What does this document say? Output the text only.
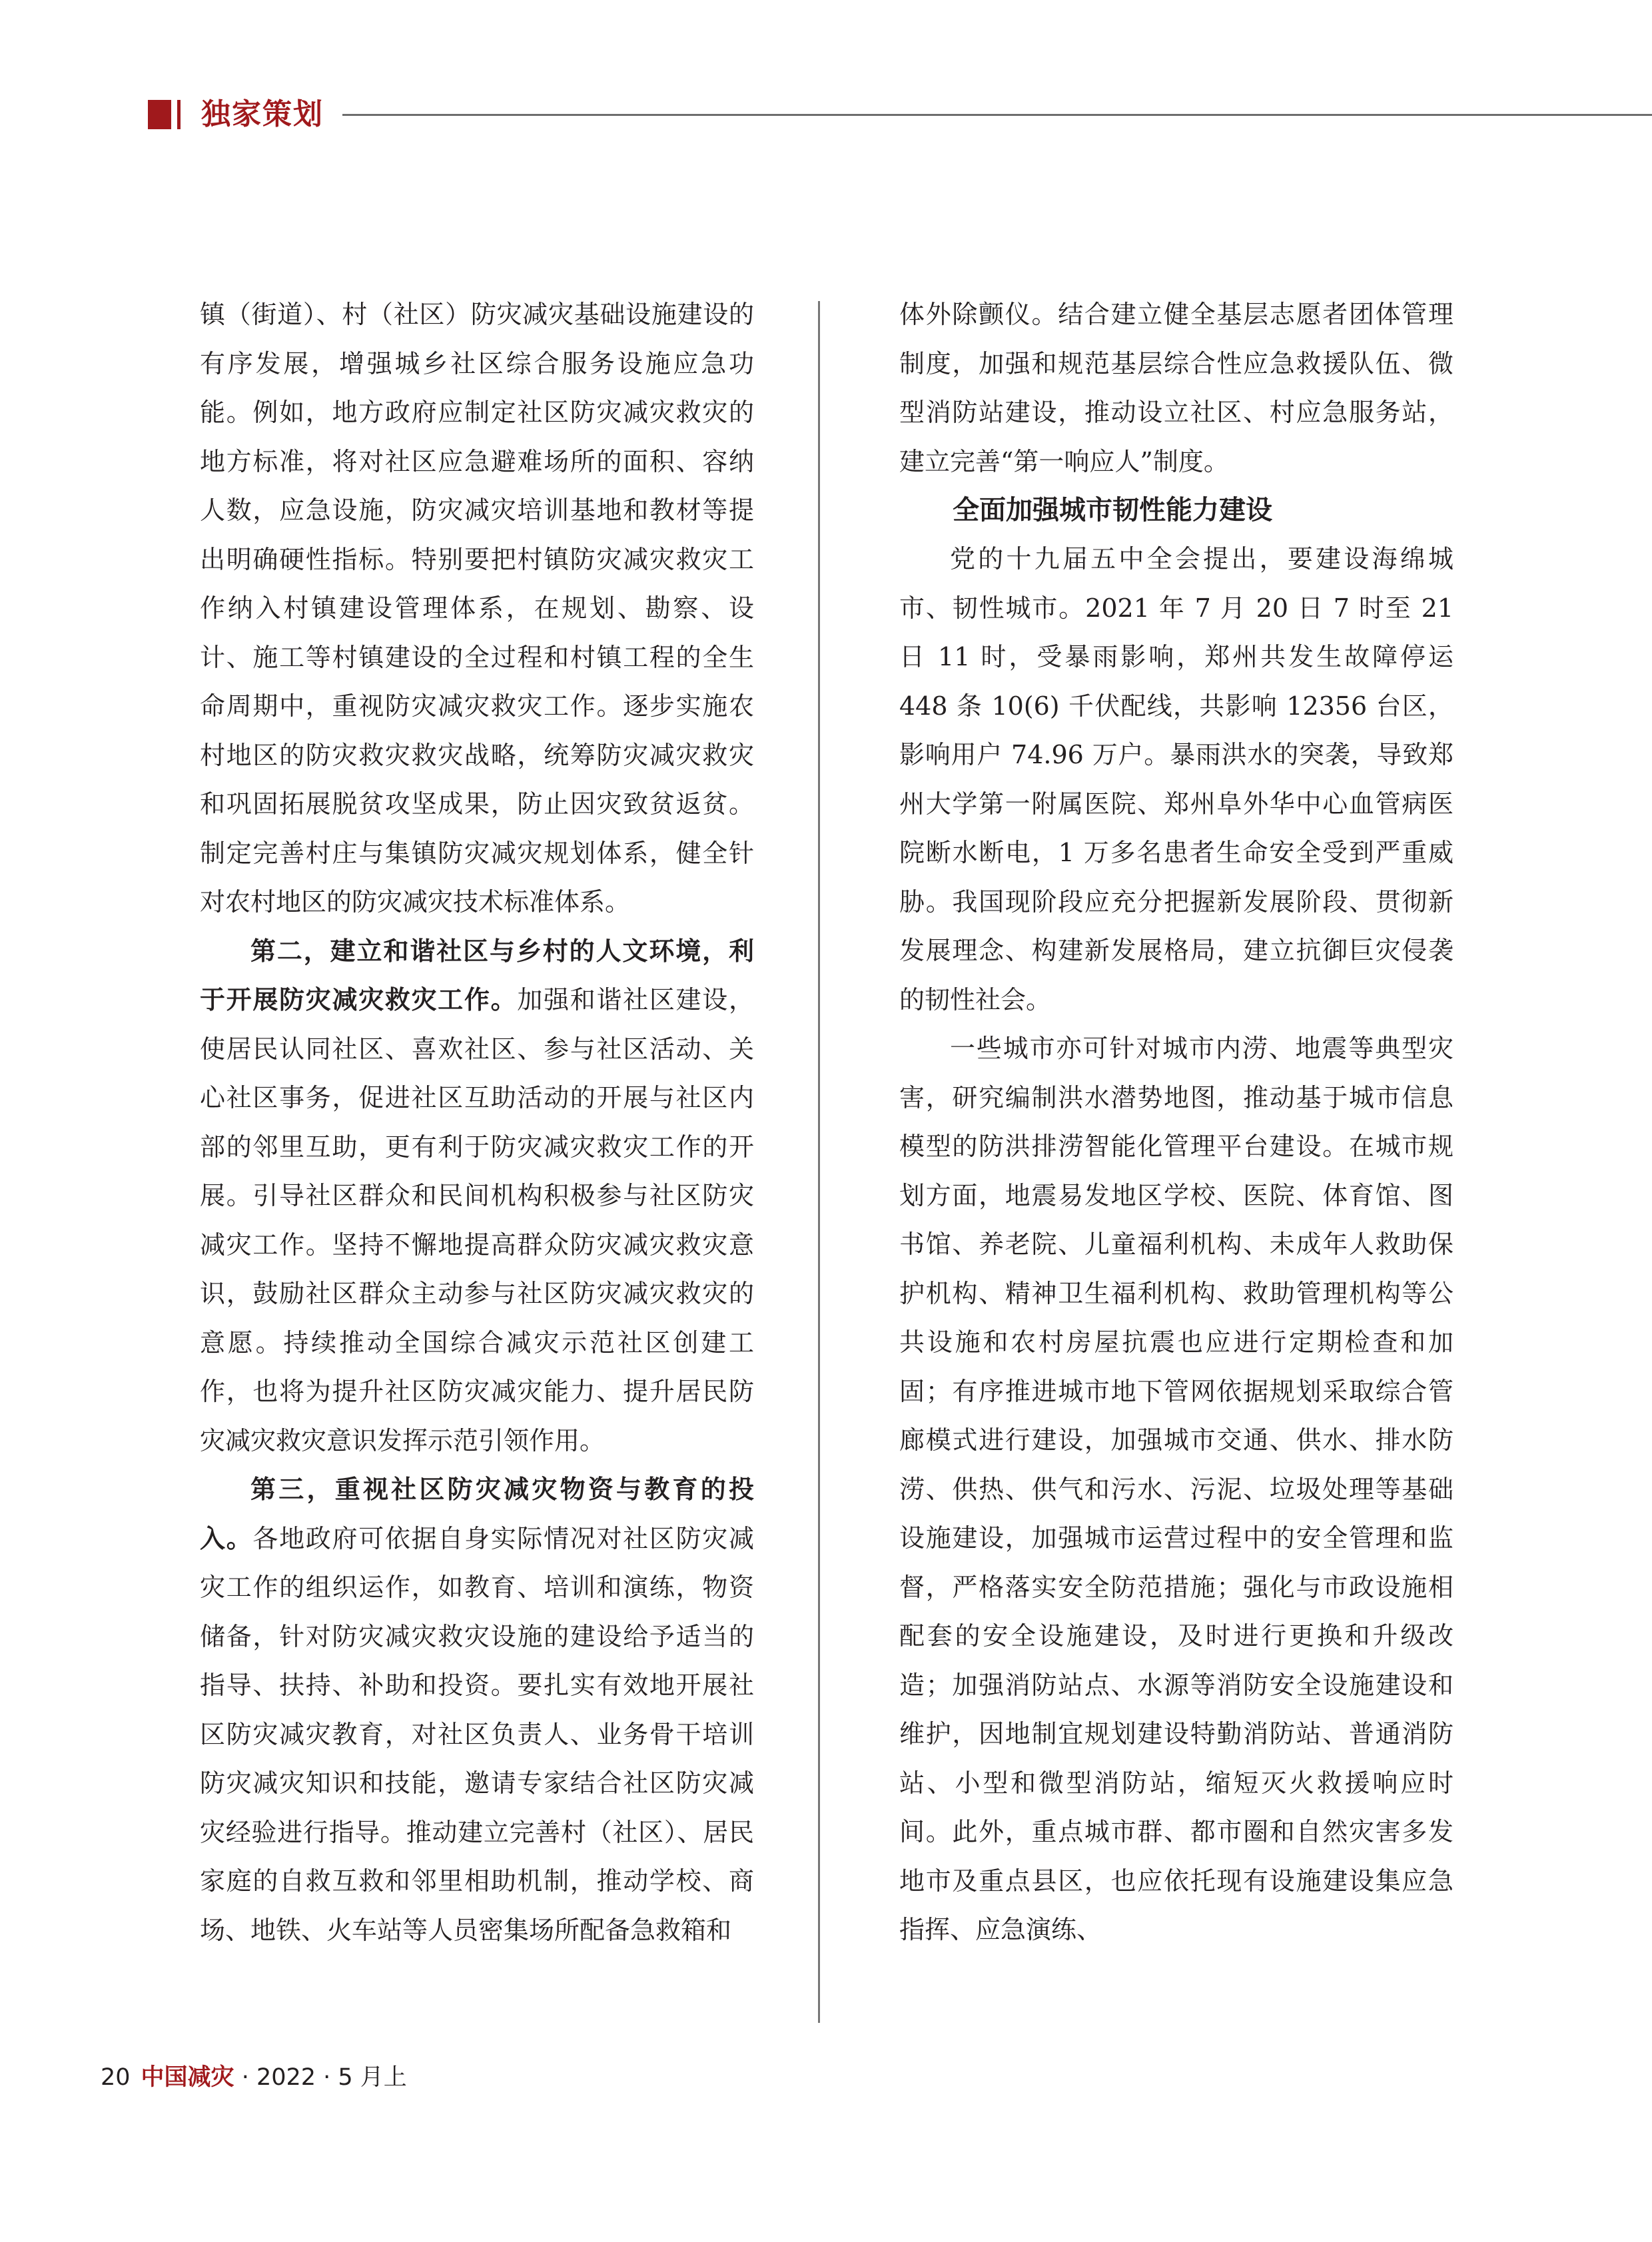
独家策划

镇（街道）、村（社区）防灾减灾基础设施建设的有序发展，增强城乡社区综合服务设施应急功能。例如，地方政府应制定社区防灾减灾救灾的地方标准，将对社区应急避难场所的面积、容纳人数，应急设施，防灾减灾培训基地和教材等提出明确硬性指标。特别要把村镇防灾减灾救灾工作纳入村镇建设管理体系，在规划、勘察、设计、施工等村镇建设的全过程和村镇工程的全生命周期中，重视防灾减灾救灾工作。逐步实施农村地区的防灾救灾救灾战略，统筹防灾减灾救灾和巩固拓展脱贫攻坚成果，防止因灾致贫返贫。制定完善村庄与集镇防灾减灾规划体系，健全针对农村地区的防灾减灾技术标准体系。

第二，建立和谐社区与乡村的人文环境，利于开展防灾减灾救灾工作。加强和谐社区建设，使居民认同社区、喜欢社区、参与社区活动、关心社区事务，促进社区互助活动的开展与社区内部的邻里互助，更有利于防灾减灾救灾工作的开展。引导社区群众和民间机构积极参与社区防灾减灾工作。坚持不懈地提高群众防灾减灾救灾意识，鼓励社区群众主动参与社区防灾减灾救灾的意愿。持续推动全国综合减灾示范社区创建工作，也将为提升社区防灾减灾能力、提升居民防灾减灾救灾意识发挥示范引领作用。

第三，重视社区防灾减灾物资与教育的投入。各地政府可依据自身实际情况对社区防灾减灾工作的组织运作，如教育、培训和演练，物资储备，针对防灾减灾救灾设施的建设给予适当的指导、扶持、补助和投资。要扎实有效地开展社区防灾减灾教育，对社区负责人、业务骨干培训防灾减灾知识和技能，邀请专家结合社区防灾减灾经验进行指导。推动建立完善村（社区）、居民家庭的自救互救和邻里相助机制，推动学校、商场、地铁、火车站等人员密集场所配备急救箱和

体外除颤仪。结合建立健全基层志愿者团体管理制度，加强和规范基层综合性应急救援队伍、微型消防站建设，推动设立社区、村应急服务站，建立完善“第一响应人”制度。

全面加强城市韧性能力建设

党的十九届五中全会提出，要建设海绵城市、韧性城市。2021 年 7 月 20 日 7 时至 21 日 11 时，受暴雨影响，郑州共发生故障停运 448 条 10(6) 千伏配线，共影响 12356 台区，影响用户 74.96 万户。暴雨洪水的突袭，导致郑州大学第一附属医院、郑州阜外华中心血管病医院断水断电，1 万多名患者生命安全受到严重威胁。我国现阶段应充分把握新发展阶段、贯彻新发展理念、构建新发展格局，建立抗御巨灾侵袭的韧性社会。

一些城市亦可针对城市内涝、地震等典型灾害，研究编制洪水潜势地图，推动基于城市信息模型的防洪排涝智能化管理平台建设。在城市规划方面，地震易发地区学校、医院、体育馆、图书馆、养老院、儿童福利机构、未成年人救助保护机构、精神卫生福利机构、救助管理机构等公共设施和农村房屋抗震也应进行定期检查和加固；有序推进城市地下管网依据规划采取综合管廊模式进行建设，加强城市交通、供水、排水防涝、供热、供气和污水、污泥、垃圾处理等基础设施建设，加强城市运营过程中的安全管理和监督，严格落实安全防范措施；强化与市政设施相配套的安全设施建设，及时进行更换和升级改造；加强消防站点、水源等消防安全设施建设和维护，因地制宜规划建设特勤消防站、普通消防站、小型和微型消防站，缩短灭火救援响应时间。此外，重点城市群、都市圈和自然灾害多发地市及重点县区，也应依托现有设施建设集应急指挥、应急演练、

20 中国减灾 · 2022 · 5 月上
